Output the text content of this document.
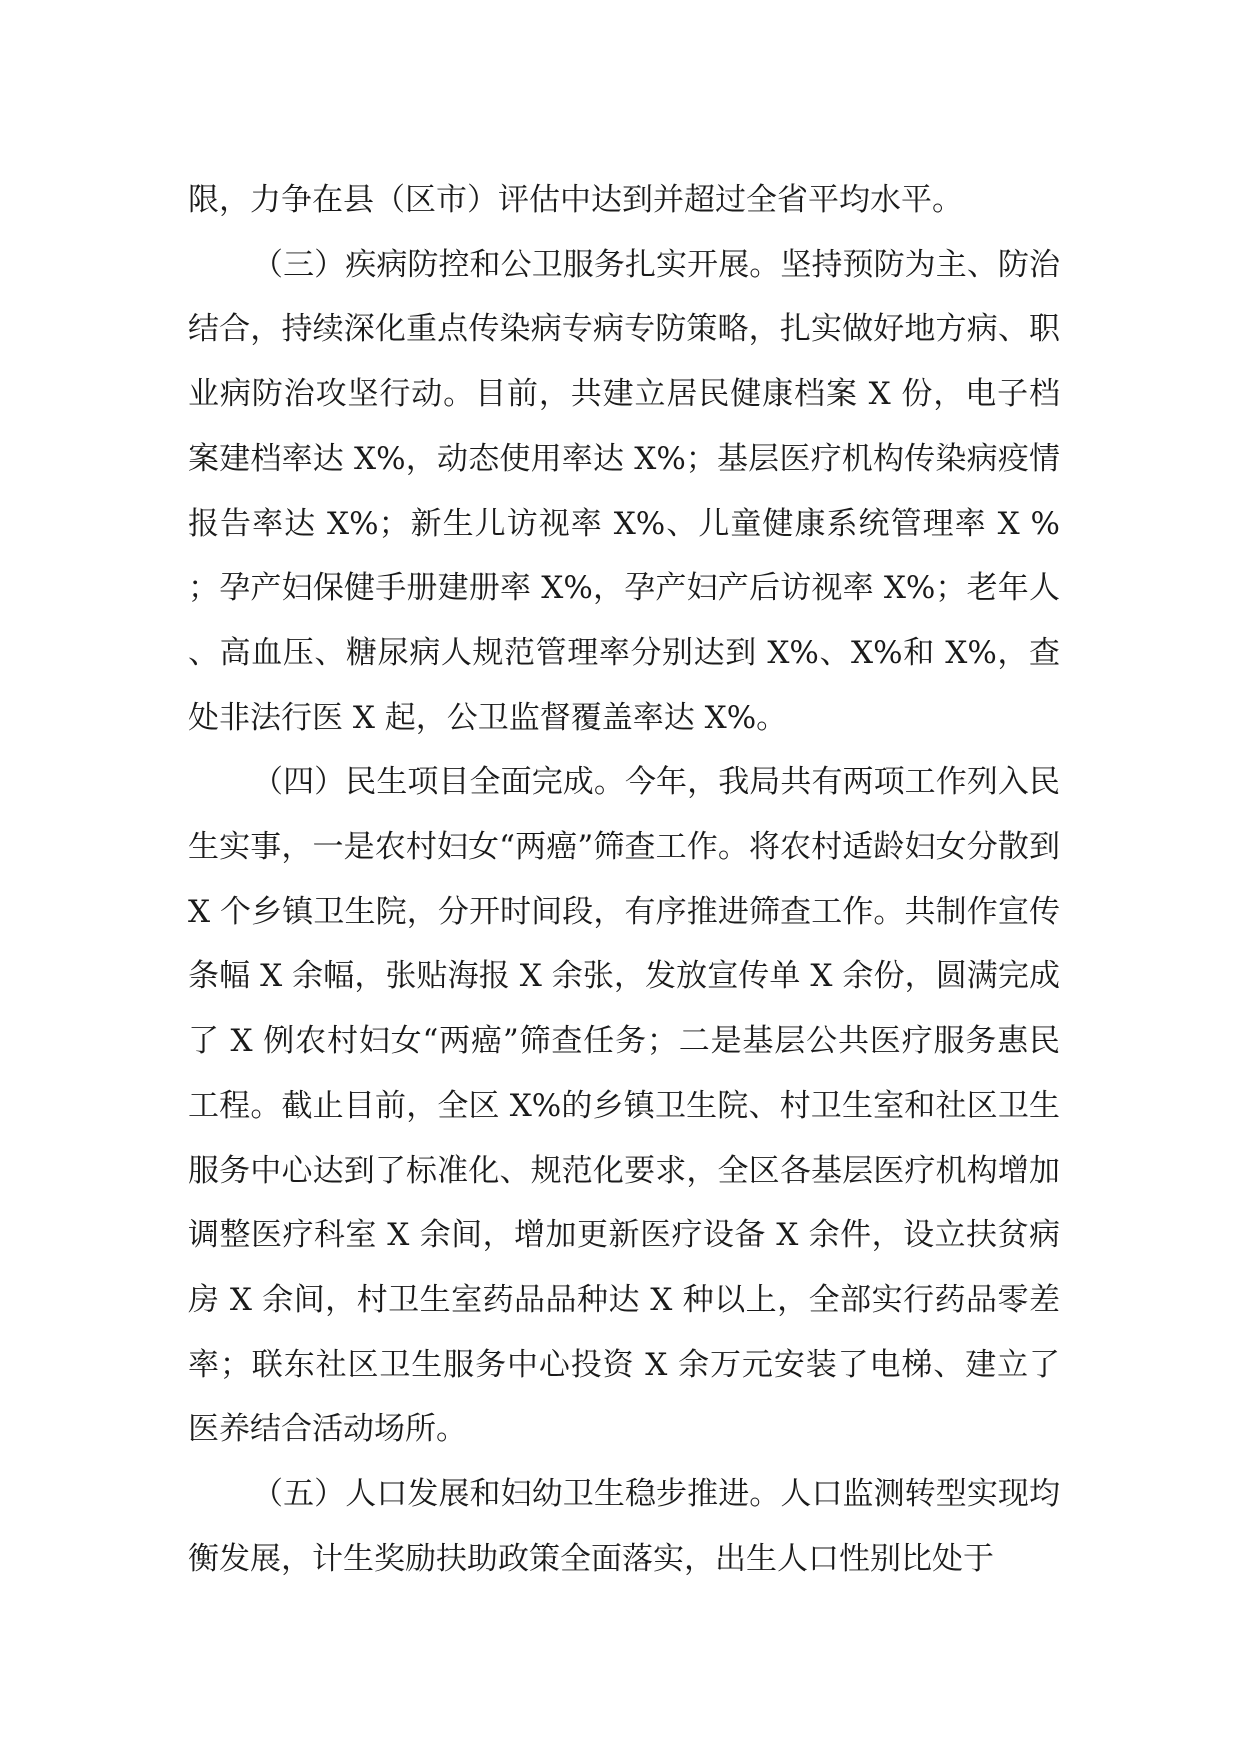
限，力争在县（区市）评估中达到并超过全省平均水平。

（三）疾病防控和公卫服务扎实开展。坚持预防为主、防治结合，持续深化重点传染病专病专防策略，扎实做好地方病、职业病防治攻坚行动。目前，共建立居民健康档案 X 份，电子档案建档率达 X%，动态使用率达 X%；基层医疗机构传染病疫情报告率达 X%；新生儿访视率 X%、儿童健康系统管理率 X %；孕产妇保健手册建册率 X%，孕产妇产后访视率 X%；老年人、高血压、糖尿病人规范管理率分别达到 X%、X%和 X%，查处非法行医 X 起，公卫监督覆盖率达 X%。

（四）民生项目全面完成。今年，我局共有两项工作列入民生实事，一是农村妇女“两癌”筛查工作。将农村适龄妇女分散到 X 个乡镇卫生院，分开时间段，有序推进筛查工作。共制作宣传条幅 X 余幅，张贴海报 X 余张，发放宣传单 X 余份，圆满完成了 X 例农村妇女“两癌”筛查任务；二是基层公共医疗服务惠民工程。截止目前，全区 X%的乡镇卫生院、村卫生室和社区卫生服务中心达到了标准化、规范化要求，全区各基层医疗机构增加调整医疗科室 X 余间，增加更新医疗设备 X 余件，设立扶贫病房 X 余间，村卫生室药品品种达 X 种以上，全部实行药品零差率；联东社区卫生服务中心投资 X 余万元安装了电梯、建立了医养结合活动场所。

（五）人口发展和妇幼卫生稳步推进。人口监测转型实现均衡发展，计生奖励扶助政策全面落实，出生人口性别比处于
